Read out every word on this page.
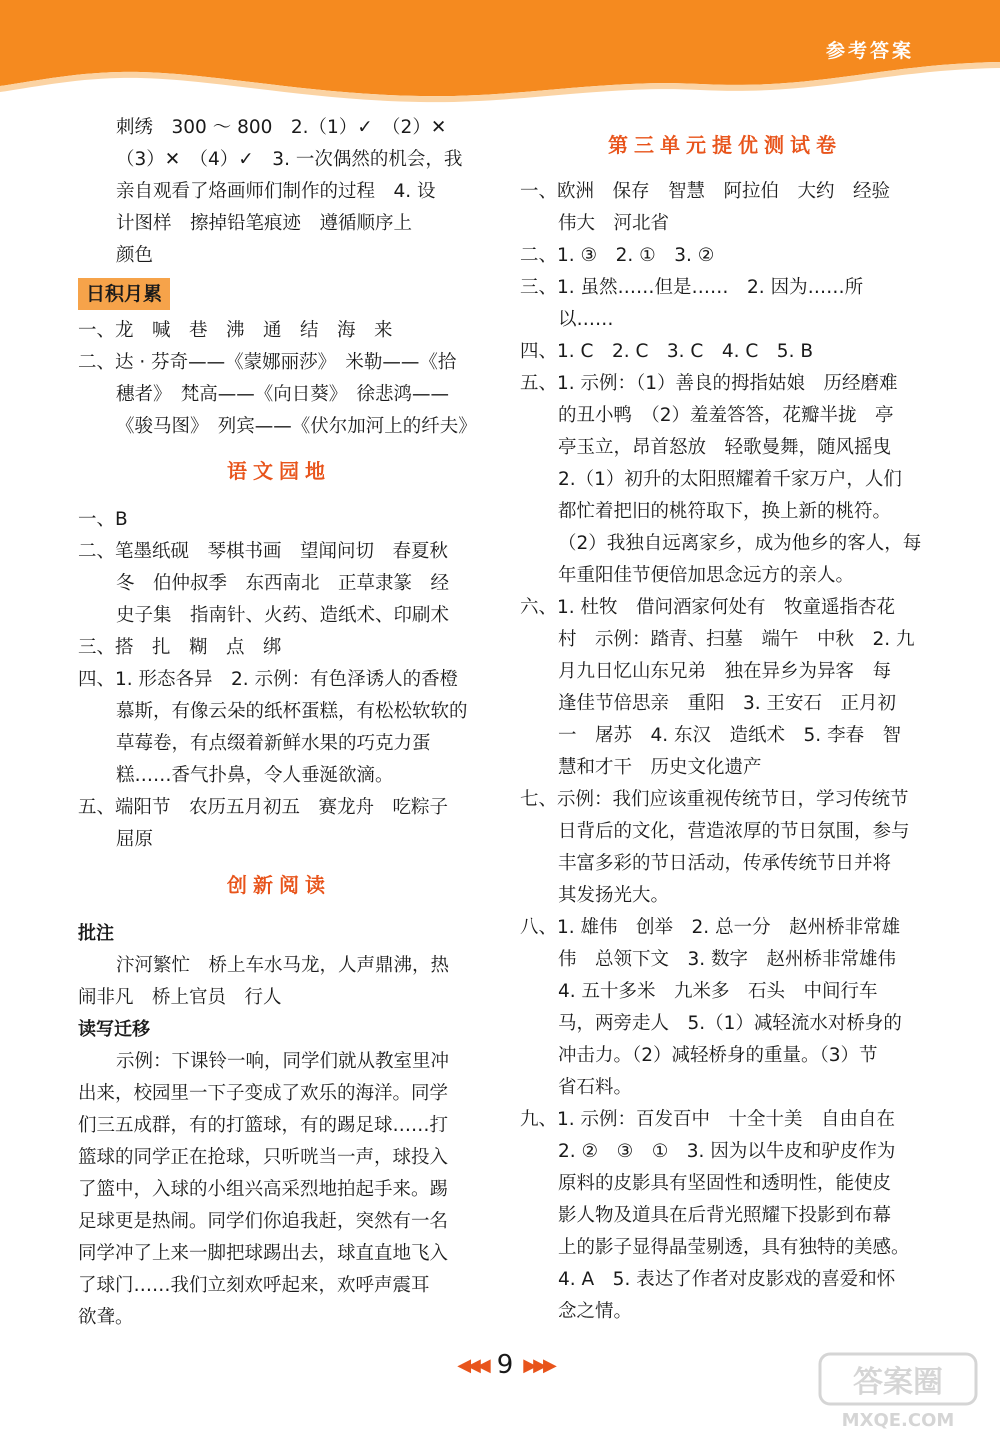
参考答案
刺绣　300 ～ 800　2.（1）✓　（2）✕
（3）✕　（4）✓　3. 一次偶然的机会，我
亲自观看了烙画师们制作的过程　4. 设
计图样　擦掉铅笔痕迹　遵循顺序上
颜色
日积月累
一、龙　喊　巷　沸　通　结　海　来
二、达 · 芬奇——《蒙娜丽莎》　米勒——《拾
穗者》　梵高——《向日葵》　徐悲鸿——
《骏马图》　列宾——《伏尔加河上的纤夫》
语文园地
一、B
二、笔墨纸砚　琴棋书画　望闻问切　春夏秋
冬　伯仲叔季　东西南北　正草隶篆　经
史子集　指南针、火药、造纸术、印刷术
三、搭　扎　糊　点　绑
四、1. 形态各异　2. 示例：有色泽诱人的香橙
慕斯，有像云朵的纸杯蛋糕，有松松软软的
草莓卷，有点缀着新鲜水果的巧克力蛋
糕……香气扑鼻，令人垂涎欲滴。
五、端阳节　农历五月初五　赛龙舟　吃粽子
屈原
创新阅读
批注
汴河繁忙　桥上车水马龙，人声鼎沸，热
闹非凡　桥上官员　行人
读写迁移
示例：下课铃一响，同学们就从教室里冲
出来，校园里一下子变成了欢乐的海洋。同学
们三五成群，有的打篮球，有的踢足球……打
篮球的同学正在抢球，只听咣当一声，球投入
了篮中，入球的小组兴高采烈地拍起手来。踢
足球更是热闹。同学们你追我赶，突然有一名
同学冲了上来一脚把球踢出去，球直直地飞入
了球门……我们立刻欢呼起来，欢呼声震耳
欲聋。
第三单元提优测试卷
一、欧洲　保存　智慧　阿拉伯　大约　经验
伟大　河北省
二、1. ③　2. ①　3. ②
三、1. 虽然……但是……　2. 因为……所
以……
四、1. C　2. C　3. C　4. C　5. B
五、1. 示例：（1）善良的拇指姑娘　历经磨难
的丑小鸭　（2）羞羞答答，花瓣半拢　亭
亭玉立，昂首怒放　轻歌曼舞，随风摇曳
2.（1）初升的太阳照耀着千家万户，人们
都忙着把旧的桃符取下，换上新的桃符。
（2）我独自远离家乡，成为他乡的客人，每
年重阳佳节便倍加思念远方的亲人。
六、1. 杜牧　借问酒家何处有　牧童遥指杏花
村　示例：踏青、扫墓　端午　中秋　2. 九
月九日忆山东兄弟　独在异乡为异客　每
逢佳节倍思亲　重阳　3. 王安石　正月初
一　屠苏　4. 东汉　造纸术　5. 李春　智
慧和才干　历史文化遗产
七、示例：我们应该重视传统节日，学习传统节
日背后的文化，营造浓厚的节日氛围，参与
丰富多彩的节日活动，传承传统节日并将
其发扬光大。
八、1. 雄伟　创举　2. 总一分　赵州桥非常雄
伟　总领下文　3. 数字　赵州桥非常雄伟
4. 五十多米　九米多　石头　中间行车
马，两旁走人　5.（1）减轻流水对桥身的
冲击力。（2）减轻桥身的重量。（3）节
省石料。
九、1. 示例：百发百中　十全十美　自由自在
2. ②　③　①　3. 因为以牛皮和驴皮作为
原料的皮影具有坚固性和透明性，能使皮
影人物及道具在后背光照耀下投影到布幕
上的影子显得晶莹剔透，具有独特的美感。
4. A　5. 表达了作者对皮影戏的喜爱和怀
念之情。
◀◀◀ 9 ▶▶▶	答案圈
MXQE.COM
